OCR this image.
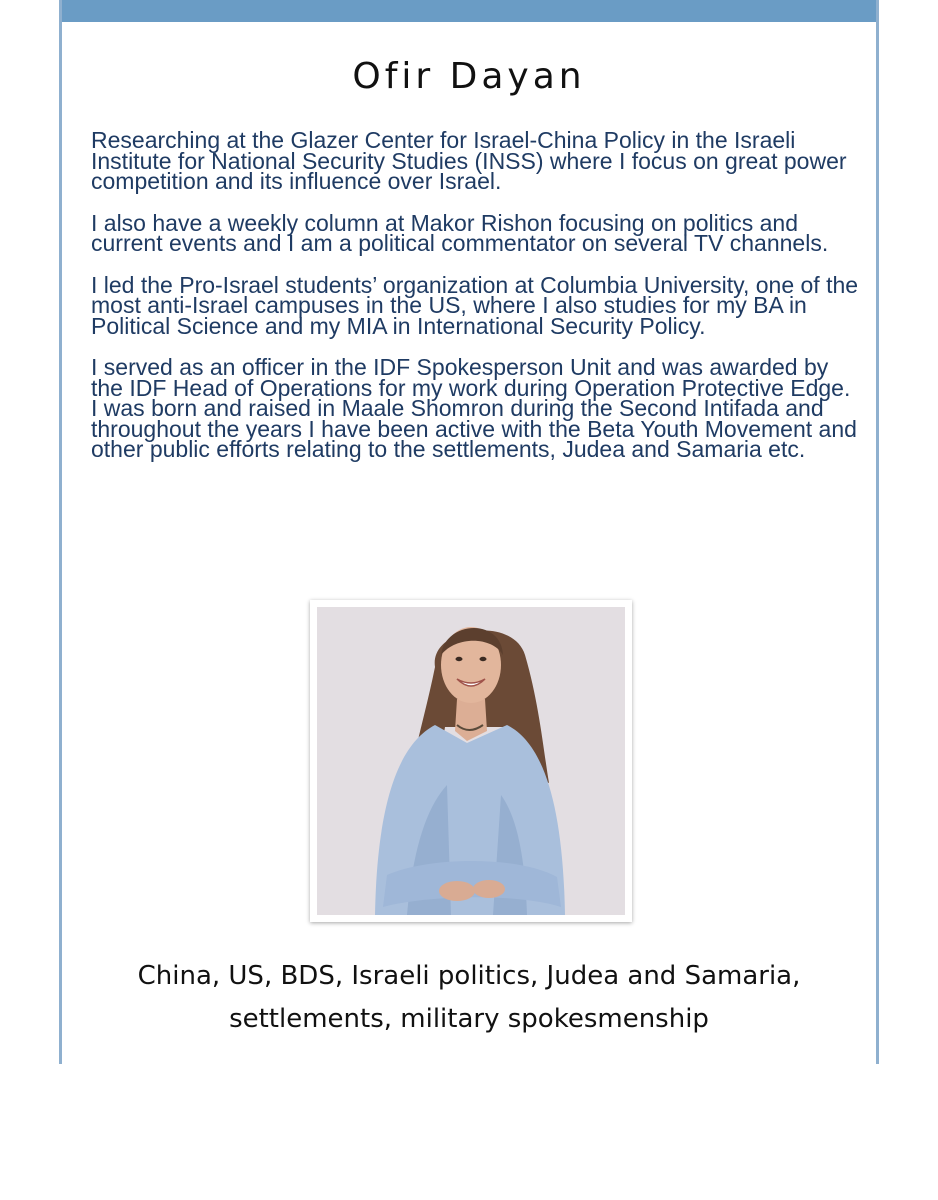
Ofir Dayan

Researching at the Glazer Center for Israel-China Policy in the Israeli Institute for National Security Studies (INSS) where I focus on great power competition and its influence over Israel.

I also have a weekly column at Makor Rishon focusing on politics and current events and I am a political commentator on several TV channels.

I led the Pro-Israel students’ organization at Columbia University, one of the most anti-Israel campuses in the US, where I also studies for my BA in Political Science and my MIA in International Security Policy.

I served as an officer in the IDF Spokesperson Unit and was awarded by the IDF Head of Operations for my work during Operation Protective Edge. I was born and raised in Maale Shomron during the Second Intifada and throughout the years I have been active with the Beta Youth Movement and other public efforts relating to the settlements, Judea and Samaria etc.

China, US, BDS, Israeli politics, Judea and Samaria, settlements, military spokesmenship
